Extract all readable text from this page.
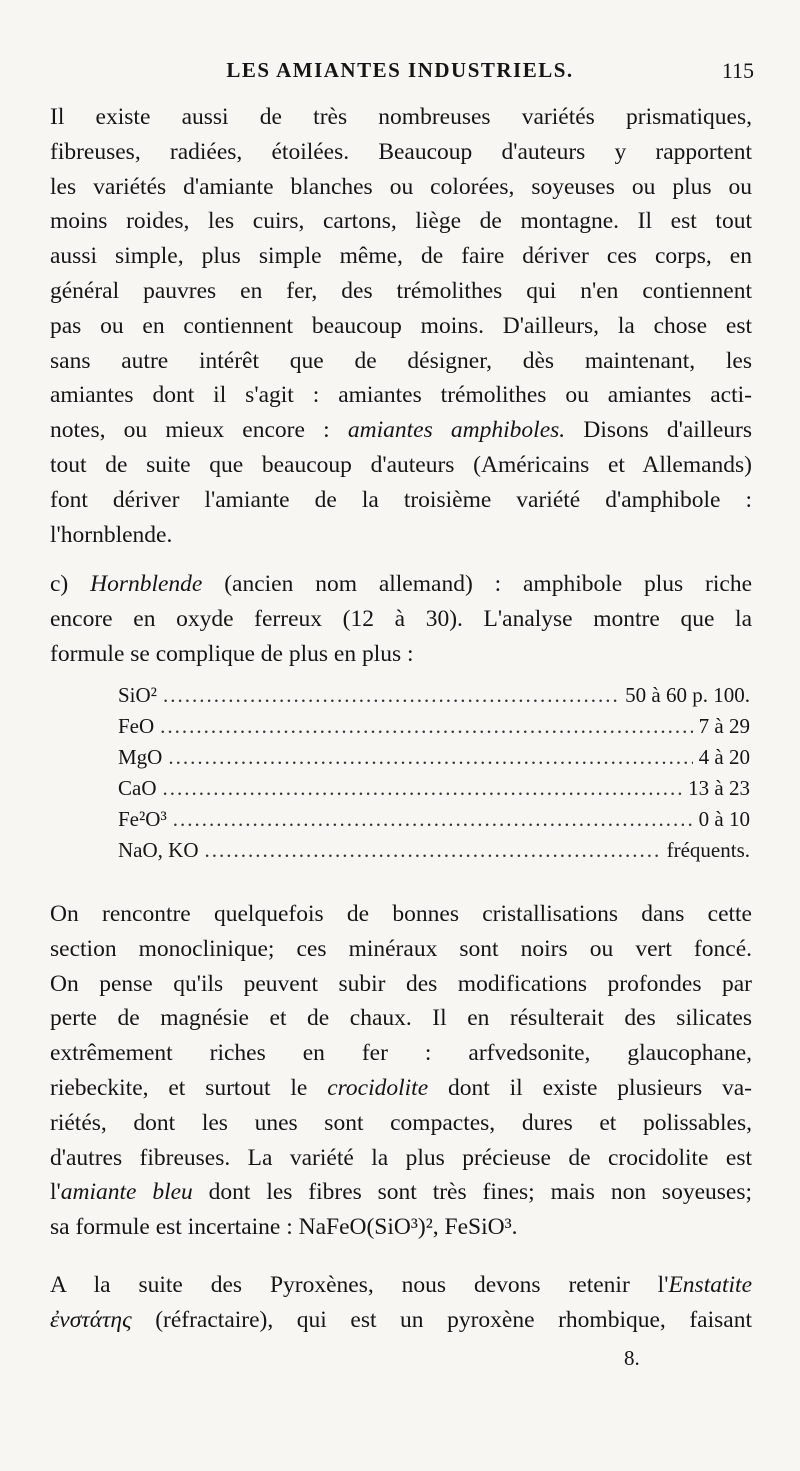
LES AMIANTES INDUSTRIELS.	115

Il existe aussi de très nombreuses variétés prismatiques,
fibreuses, radiées, étoilées. Beaucoup d'auteurs y rapportent
les variétés d'amiante blanches ou colorées, soyeuses ou plus ou
moins roides, les cuirs, cartons, liège de montagne. Il est tout
aussi simple, plus simple même, de faire dériver ces corps, en
général pauvres en fer, des trémolithes qui n'en contiennent
pas ou en contiennent beaucoup moins. D'ailleurs, la chose est
sans autre intérêt que de désigner, dès maintenant, les
amiantes dont il s'agit : amiantes trémolithes ou amiantes acti-
notes, ou mieux encore : amiantes amphiboles. Disons d'ailleurs
tout de suite que beaucoup d'auteurs (Américains et Allemands)
font dériver l'amiante de la troisième variété d'amphibole :
l'hornblende.

c) Hornblende (ancien nom allemand) : amphibole plus riche
encore en oxyde ferreux (12 à 30). L'analyse montre que la
formule se complique de plus en plus :

SiO² .....	50 à 60 p. 100.
FeO .....	7 à 29
MgO .....	4 à 20
CaO .....	13 à 23
Fe²O³ .....	0 à 10
NaO, KO .....	fréquents.

On rencontre quelquefois de bonnes cristallisations dans cette
section monoclinique; ces minéraux sont noirs ou vert foncé.
On pense qu'ils peuvent subir des modifications profondes par
perte de magnésie et de chaux. Il en résulterait des silicates
extrêmement riches en fer : arfvedsonite, glaucophane,
riebeckite, et surtout le crocidolite dont il existe plusieurs va-
riétés, dont les unes sont compactes, dures et polissables,
d'autres fibreuses. La variété la plus précieuse de crocidolite est
l'amiante bleu dont les fibres sont très fines; mais non soyeuses;
sa formule est incertaine : NaFeO(SiO³)², FeSiO³.

A la suite des Pyroxènes, nous devons retenir l'Enstatite
ἐνστάτης (réfractaire), qui est un pyroxène rhombique, faisant

8.
